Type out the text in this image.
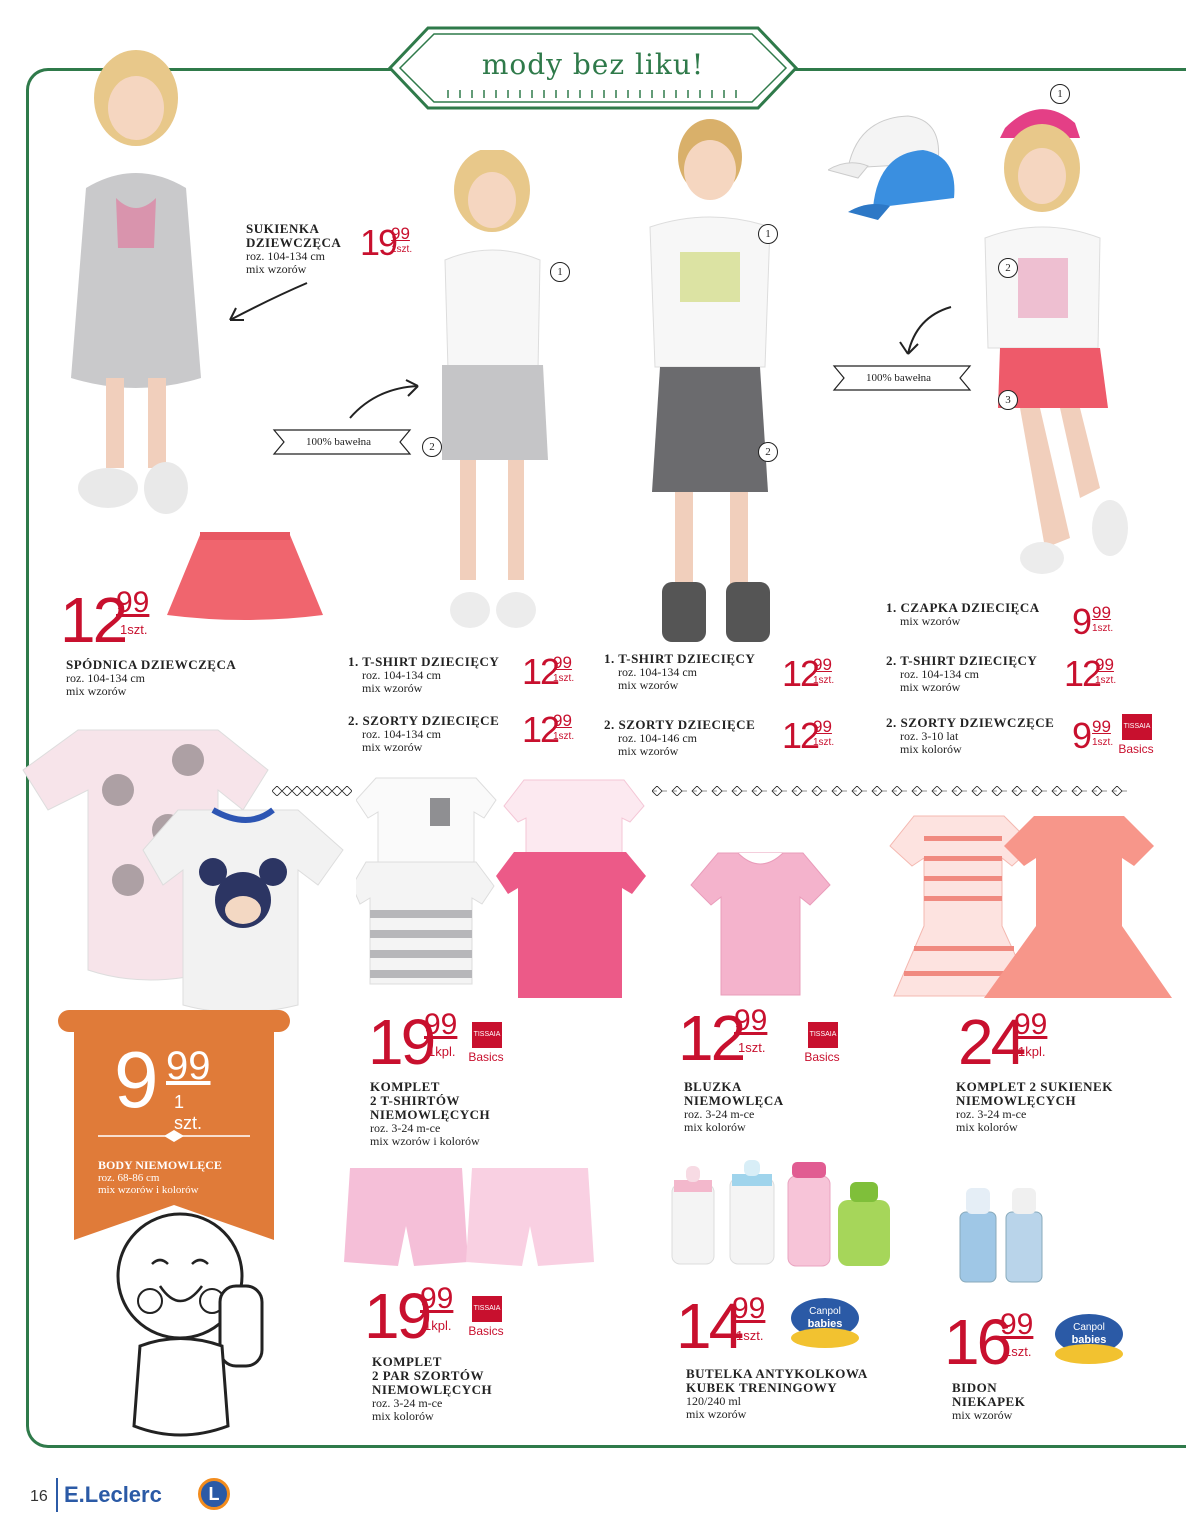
mody bez liku!
SUKIENKA
DZIEWCZĘCA
roz. 104-134 cm
mix wzorów
19
99
1szt.
12
99
1szt.
SPÓDNICA DZIEWCZĘCA
roz. 104-134 cm
mix wzorów
100% bawełna
1
2
1. T-SHIRT DZIECIĘCY
roz. 104-134 cm
mix wzorów	12
99
1szt.
2. SZORTY DZIECIĘCE
roz. 104-134 cm
mix wzorów	12
99
1szt.
1
2
1. T-SHIRT DZIECIĘCY
roz. 104-134 cm
mix wzorów	12
99
1szt.
2. SZORTY DZIECIĘCE
roz. 104-146 cm
mix wzorów	12
99
1szt.
1
2
3
100% bawełna
1. CZAPKA DZIECIĘCA
mix wzorów	9 99
1szt.
2. T-SHIRT DZIECIĘCY
roz. 104-134 cm
mix wzorów	12
99
1szt.
2. SZORTY DZIEWCZĘCE
roz. 3-10 lat
mix kolorów	9 99
1szt.
TISSAIA
Basics
9 99
1 szt.
BODY NIEMOWLĘCE
roz. 68-86 cm
mix wzorów i kolorów
19
99
1kpl.
TISSAIA
Basics
KOMPLET
2 T-SHIRTÓW
NIEMOWLĘCYCH
roz. 3-24 m-ce
mix wzorów i kolorów
12
99
1szt.
TISSAIA
Basics
BLUZKA
NIEMOWLĘCA
roz. 3-24 m-ce
mix kolorów
24
99
1kpl.
KOMPLET 2 SUKIENEK
NIEMOWLĘCYCH
roz. 3-24 m-ce
mix kolorów
19
99
1kpl.
TISSAIA
Basics
KOMPLET
2 PAR SZORTÓW
NIEMOWLĘCYCH
roz. 3-24 m-ce
mix kolorów
Canpol
babies
14
99
1szt.
BUTELKA ANTYKOLKOWA
KUBEK TRENINGOWY
120/240 ml
mix wzorów
Canpol
babies
16
99
1szt.
BIDON
NIEKAPEK
mix wzorów
16 E.Leclerc	L
